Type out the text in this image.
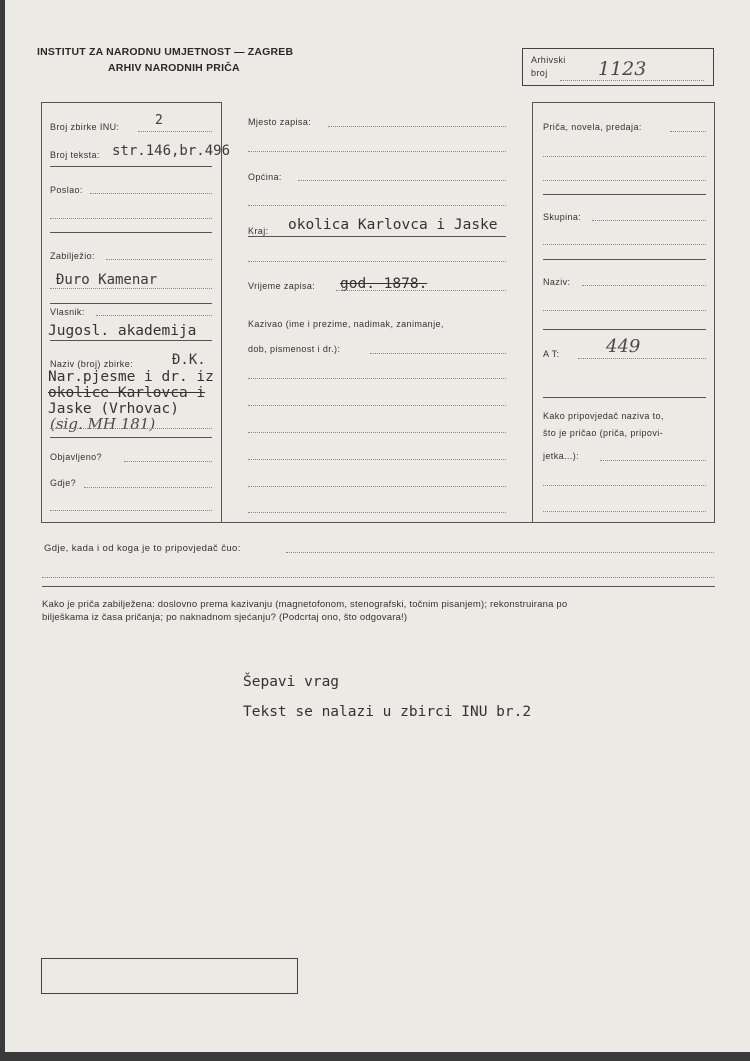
INSTITUT ZA NARODNU UMJETNOST — ZAGREB
ARHIV NARODNIH PRIČA
Arhivski
broj	1123
Broj zbirke INU:	2
Broj teksta: str.146,br.496
Poslao:
Zabilježio:
Đuro Kamenar
Vlasnik:
Jugosl. akademija
Naziv (broj) zbirke:	Đ.K.
Nar.pjesme i dr. iz
okolice Karlovca i
Jaske (Vrhovac)
(sig. MH 181)
Objavljeno?
Gdje?
Mjesto zapisa:
Općina:
Kraj: okolica Karlovca i Jaske
Vrijeme zapisa: god. 1878.
Kazivao (ime i prezime, nadimak, zanimanje,
dob, pismenost i dr.):
Priča, novela, predaja:
Skupina:
Naziv:
A T:	449
Kako pripovjedač naziva to,
što je pričao (priča, pripovi-
jetka...):
Gdje, kada i od koga je to pripovjedač čuo:
Kako je priča zabilježena: doslovno prema kazivanju (magnetofonom, stenografski, točnim pisanjem); rekonstruirana po
bilješkama iz časa pričanja; po naknadnom sjećanju? (Podcrtaj ono, što odgovara!)
Šepavi vrag
Tekst se nalazi u zbirci INU br.2
